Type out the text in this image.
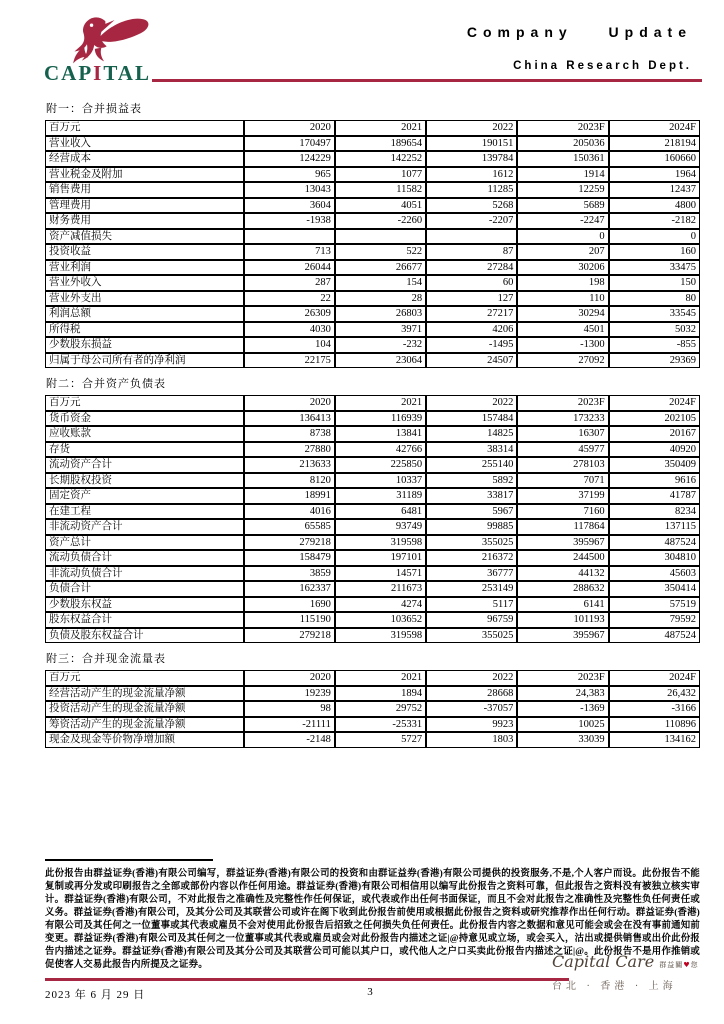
CAPITAL
Company Update
China Research Dept.
附一：合并损益表
百万元	2020	2021	2022	2023F	2024F
营业收入	170497	189654	190151	205036	218194
经营成本	124229	142252	139784	150361	160660
营业税金及附加	965	1077	1612	1914	1964
销售费用	13043	11582	11285	12259	12437
管理费用	3604	4051	5268	5689	4800
财务费用	-1938	-2260	-2207	-2247	-2182
资产减值损失				0	0
投资收益	713	522	87	207	160
营业利润	26044	26677	27284	30206	33475
营业外收入	287	154	60	198	150
营业外支出	22	28	127	110	80
利润总额	26309	26803	27217	30294	33545
所得税	4030	3971	4206	4501	5032
少数股东损益	104	-232	-1495	-1300	-855
归属于母公司所有者的净利润	22175	23064	24507	27092	29369
附二：合并资产负债表
百万元	2020	2021	2022	2023F	2024F
货币资金	136413	116939	157484	173233	202105
应收账款	8738	13841	14825	16307	20167
存货	27880	42766	38314	45977	40920
流动资产合计	213633	225850	255140	278103	350409
长期股权投资	8120	10337	5892	7071	9616
固定资产	18991	31189	33817	37199	41787
在建工程	4016	6481	5967	7160	8234
非流动资产合计	65585	93749	99885	117864	137115
资产总计	279218	319598	355025	395967	487524
流动负债合计	158479	197101	216372	244500	304810
非流动负债合计	3859	14571	36777	44132	45603
负债合计	162337	211673	253149	288632	350414
少数股东权益	1690	4274	5117	6141	57519
股东权益合计	115190	103652	96759	101193	79592
负债及股东权益合计	279218	319598	355025	395967	487524
附三：合并现金流量表
百万元	2020	2021	2022	2023F	2024F
经营活动产生的现金流量净额	19239	1894	28668	24,383	26,432
投资活动产生的现金流量净额	98	29752	-37057	-1369	-3166
筹资活动产生的现金流量净额	-21111	-25331	9923	10025	110896
现金及现金等价物净增加额	-2148	5727	1803	33039	134162
此份报告由群益证券(香港)有限公司编写，群益证券(香港)有限公司的投资和由群证益券(香港)有限公司提供的投资服务,不是,个人客户而设。此份报告不能复制或再分发或印刷报告之全部或部份内容以作任何用途。群益证券(香港)有限公司相信用以编写此份报告之资料可靠，但此报告之资料没有被独立核实审计。群益证券(香港)有限公司，不对此报告之准确性及完整性作任何保证，或代表或作出任何书面保证，而且不会对此报告之准确性及完整性负任何责任或义务。群益证券(香港)有限公司，及其分公司及其联营公司或许在阁下收到此份报告前使用或根据此份报告之资料或研究推荐作出任何行动。群益证券(香港)有限公司及其任何之一位董事或其代表或雇员不会对使用此份报告后招致之任何损失负任何责任。此份报告内容之数据和意见可能会或会在没有事前通知前变更。群益证券(香港)有限公司及其任何之一位董事或其代表或雇员或会对此份报告内描述之证|@持意见或立场，或会买入，沽出或提供销售或出价此份报告内描述之证券。群益证券(香港)有限公司及其分公司及其联营公司可能以其户口，或代他人之户口买卖此份报告内描述之证|@。此份报告不是用作推销或促使客人交易此报告内所提及之证券。
2023 年 6 月 29 日	3
Capital Care 群益關♥您
台北 · 香港 · 上海
